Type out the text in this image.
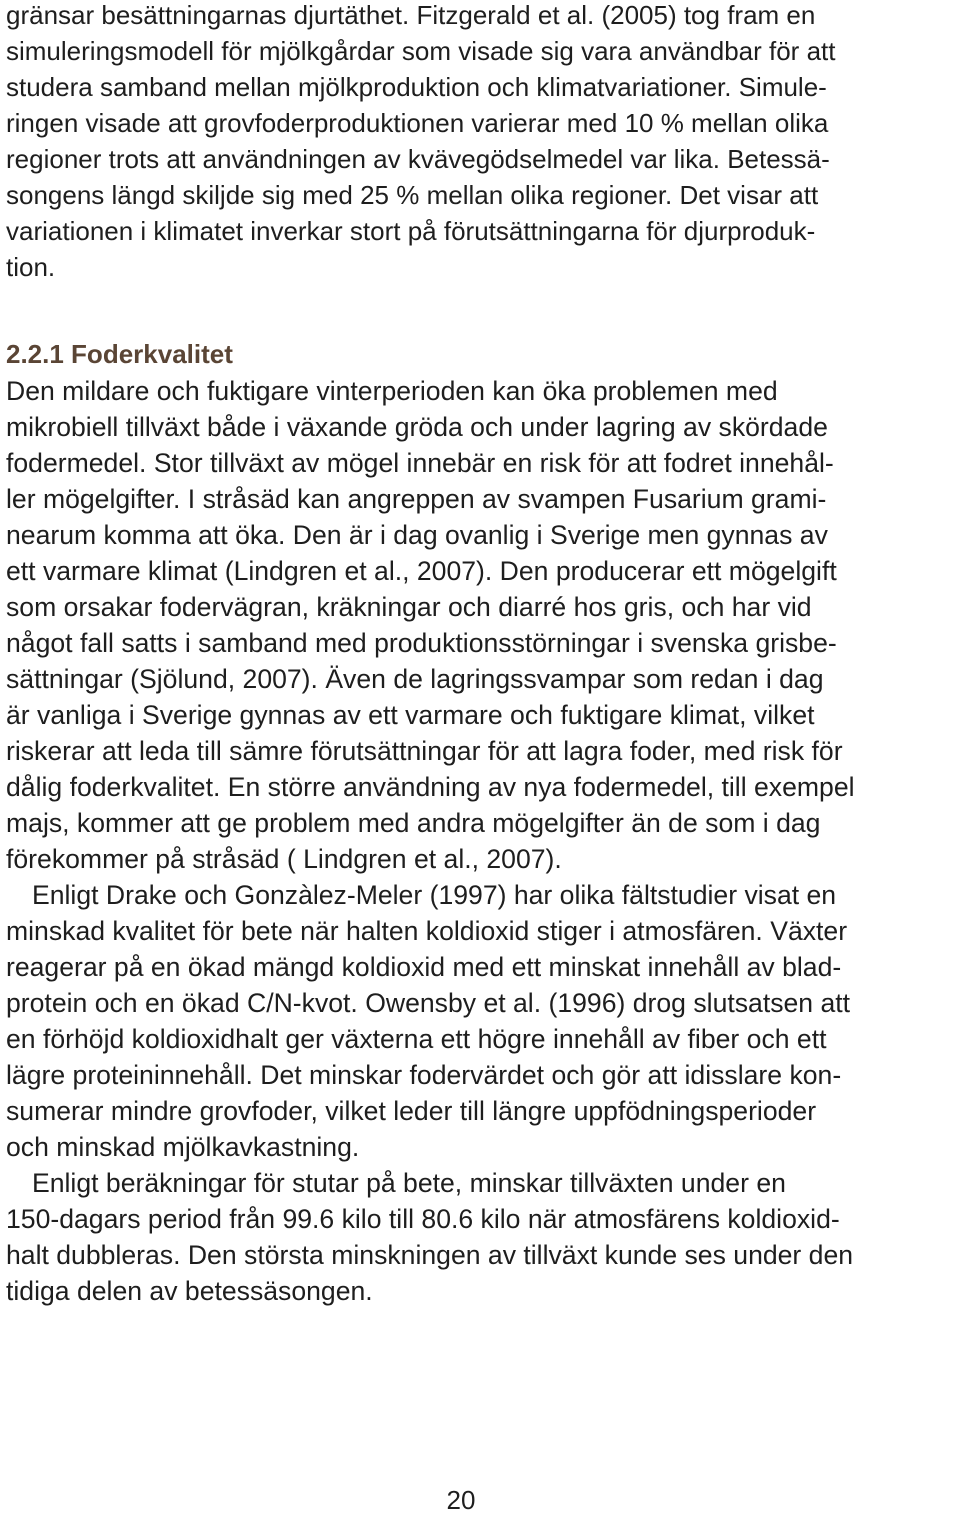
gränsar besättningarnas djurtäthet. Fitzgerald et al. (2005) tog fram en
simuleringsmodell för mjölkgårdar som visade sig vara användbar för att
studera samband mellan mjölkproduktion och klimatvariationer. Simule-
ringen visade att grovfoderproduktionen varierar med 10 % mellan olika
regioner trots att användningen av kvävegödselmedel var lika. Betessä-
songens längd skiljde sig med 25 % mellan olika regioner. Det visar att
variationen i klimatet inverkar stort på förutsättningarna för djurproduk-
tion.
2.2.1 Foderkvalitet
Den mildare och fuktigare vinterperioden kan öka problemen med
mikrobiell tillväxt både i växande gröda och under lagring av skördade
fodermedel. Stor tillväxt av mögel innebär en risk för att fodret innehål-
ler mögelgifter. I stråsäd kan angreppen av svampen Fusarium grami-
nearum komma att öka. Den är i dag ovanlig i Sverige men gynnas av
ett varmare klimat (Lindgren et al., 2007). Den producerar ett mögelgift
som orsakar fodervägran, kräkningar och diarré hos gris, och har vid
något fall satts i samband med produktionsstörningar i svenska grisbe-
sättningar (Sjölund, 2007). Även de lagringssvampar som redan i dag
är vanliga i Sverige gynnas av ett varmare och fuktigare klimat, vilket
riskerar att leda till sämre förutsättningar för att lagra foder, med risk för
dålig foderkvalitet. En större användning av nya fodermedel, till exempel
majs, kommer att ge problem med andra mögelgifter än de som i dag
förekommer på stråsäd ( Lindgren et al., 2007).
Enligt Drake och Gonzàlez-Meler (1997) har olika fältstudier visat en
minskad kvalitet för bete när halten koldioxid stiger i atmosfären. Växter
reagerar på en ökad mängd koldioxid med ett minskat innehåll av blad-
protein och en ökad C/N-kvot. Owensby et al. (1996) drog slutsatsen att
en förhöjd koldioxidhalt ger växterna ett högre innehåll av fiber och ett
lägre proteininnehåll. Det minskar fodervärdet och gör att idisslare kon-
sumerar mindre grovfoder, vilket leder till längre uppfödningsperioder
och minskad mjölkavkastning.
Enligt beräkningar för stutar på bete, minskar tillväxten under en
150-dagars period från 99.6 kilo till 80.6 kilo när atmosfärens koldioxid-
halt dubbleras. Den största minskningen av tillväxt kunde ses under den
tidiga delen av betessäsongen.
20
